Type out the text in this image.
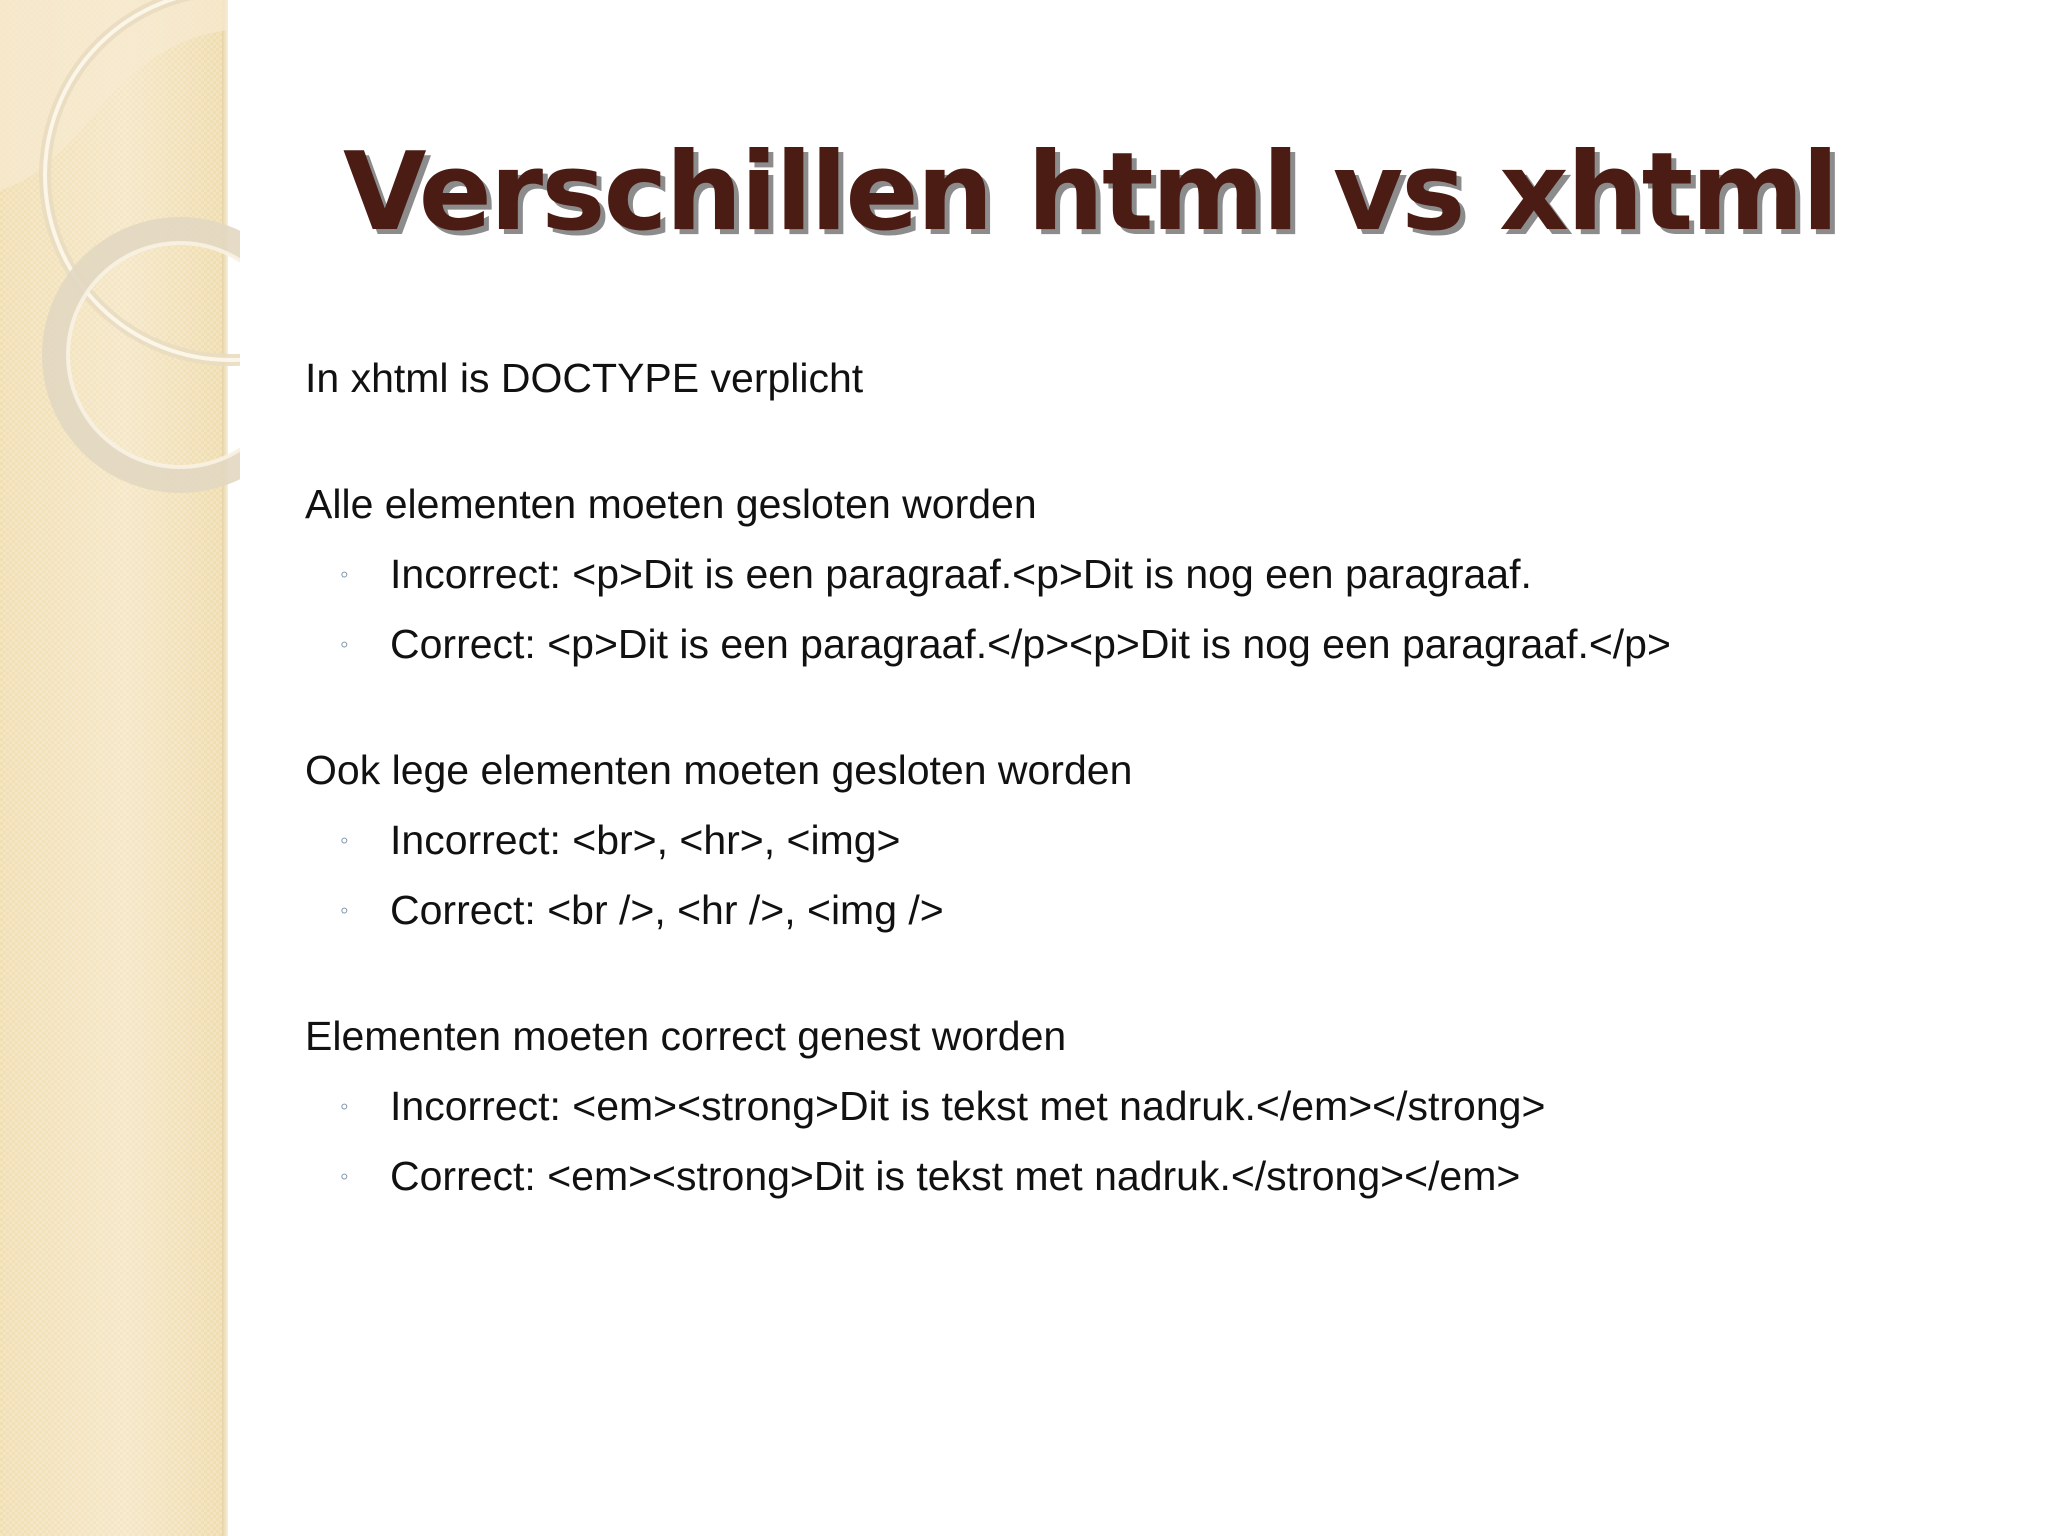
Verschillen html vs xhtml

In xhtml is DOCTYPE verplicht

Alle elementen moeten gesloten worden

◦ Incorrect: <p>Dit is een paragraaf.<p>Dit is nog een paragraaf.
◦ Correct: <p>Dit is een paragraaf.</p><p>Dit is nog een paragraaf.</p>

Ook lege elementen moeten gesloten worden

◦ Incorrect: <br>, <hr>, <img>
◦ Correct: <br />, <hr />, <img />

Elementen moeten correct genest worden

◦ Incorrect: <em><strong>Dit is tekst met nadruk.</em></strong>
◦ Correct: <em><strong>Dit is tekst met nadruk.</strong></em>
